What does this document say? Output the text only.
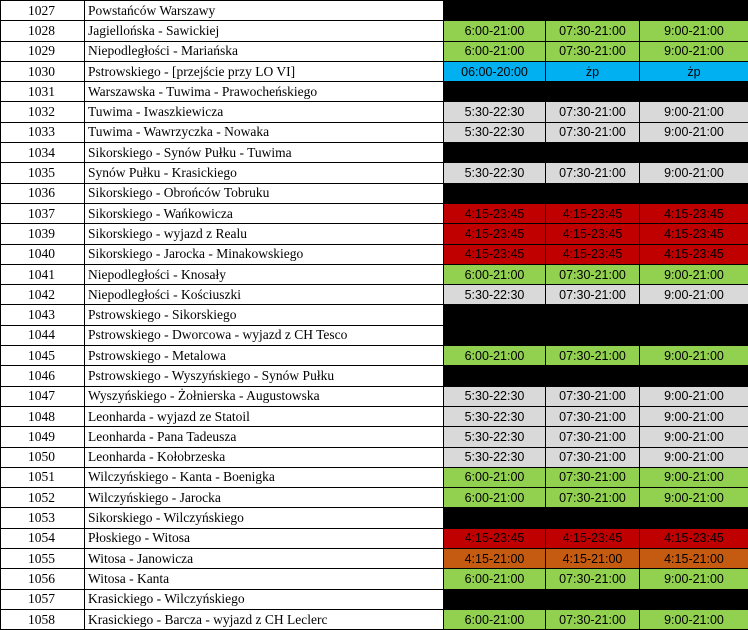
1027	Powstańców Warszawy			
1028	Jagiellońska - Sawickiej	6:00-21:00	07:30-21:00	9:00-21:00
1029	Niepodległości - Mariańska	6:00-21:00	07:30-21:00	9:00-21:00
1030	Pstrowskiego - [przejście przy LO VI]	06:00-20:00	żp	żp
1031	Warszawska - Tuwima - Prawocheńskiego			
1032	Tuwima - Iwaszkiewicza	5:30-22:30	07:30-21:00	9:00-21:00
1033	Tuwima - Wawrzyczka - Nowaka	5:30-22:30	07:30-21:00	9:00-21:00
1034	Sikorskiego - Synów Pułku - Tuwima			
1035	Synów Pułku - Krasickiego	5:30-22:30	07:30-21:00	9:00-21:00
1036	Sikorskiego - Obrońców Tobruku			
1037	Sikorskiego - Wańkowicza	4:15-23:45	4:15-23:45	4:15-23:45
1039	Sikorskiego - wyjazd z Realu	4:15-23:45	4:15-23:45	4:15-23:45
1040	Sikorskiego - Jarocka - Minakowskiego	4:15-23:45	4:15-23:45	4:15-23:45
1041	Niepodległości - Knosały	6:00-21:00	07:30-21:00	9:00-21:00
1042	Niepodległości - Kościuszki	5:30-22:30	07:30-21:00	9:00-21:00
1043	Pstrowskiego - Sikorskiego			
1044	Pstrowskiego - Dworcowa - wyjazd z CH Tesco			
1045	Pstrowskiego - Metalowa	6:00-21:00	07:30-21:00	9:00-21:00
1046	Pstrowskiego - Wyszyńskiego - Synów Pułku			
1047	Wyszyńskiego - Żołnierska - Augustowska	5:30-22:30	07:30-21:00	9:00-21:00
1048	Leonharda - wyjazd ze Statoil	5:30-22:30	07:30-21:00	9:00-21:00
1049	Leonharda - Pana Tadeusza	5:30-22:30	07:30-21:00	9:00-21:00
1050	Leonharda - Kołobrzeska	5:30-22:30	07:30-21:00	9:00-21:00
1051	Wilczyńskiego - Kanta - Boenigka	6:00-21:00	07:30-21:00	9:00-21:00
1052	Wilczyńskiego - Jarocka	6:00-21:00	07:30-21:00	9:00-21:00
1053	Sikorskiego - Wilczyńskiego			
1054	Płoskiego - Witosa	4:15-23:45	4:15-23:45	4:15-23:45
1055	Witosa - Janowicza	4:15-21:00	4:15-21:00	4:15-21:00
1056	Witosa - Kanta	6:00-21:00	07:30-21:00	9:00-21:00
1057	Krasickiego - Wilczyńskiego			
1058	Krasickiego - Barcza - wyjazd z CH Leclerc	6:00-21:00	07:30-21:00	9:00-21:00
